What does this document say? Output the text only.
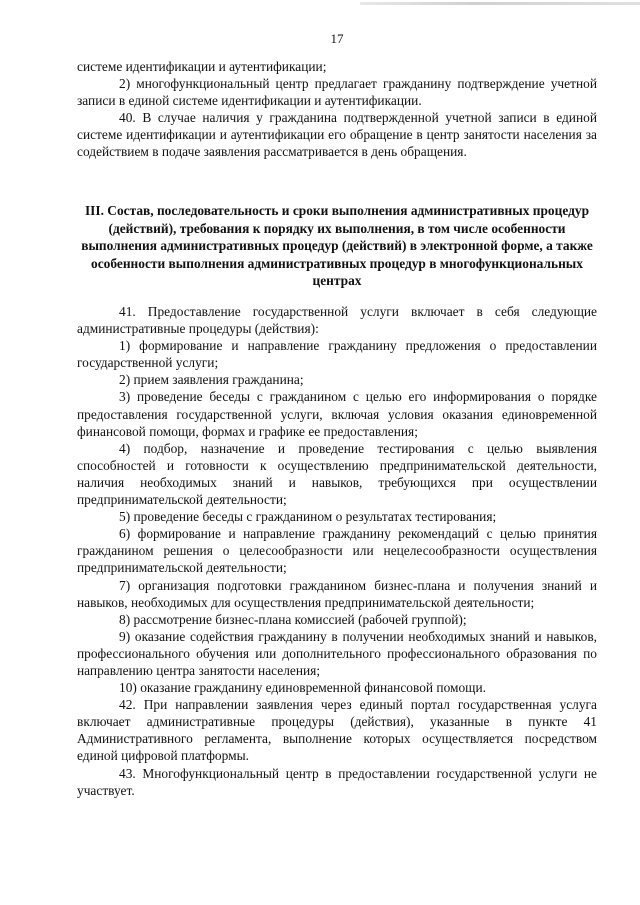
17

системе идентификации и аутентификации;

2) многофункциональный центр предлагает гражданину подтверждение учетной записи в единой системе идентификации и аутентификации.

40. В случае наличия у гражданина подтвержденной учетной записи в единой системе идентификации и аутентификации его обращение в центр занятости населения за содействием в подаче заявления рассматривается в день обращения.

III. Состав, последовательность и сроки выполнения административных процедур (действий), требования к порядку их выполнения, в том числе особенности выполнения административных процедур (действий) в электронной форме, а также особенности выполнения административных процедур в многофункциональных центрах

41. Предоставление государственной услуги включает в себя следующие административные процедуры (действия):

1) формирование и направление гражданину предложения о предоставлении государственной услуги;

2) прием заявления гражданина;

3) проведение беседы с гражданином с целью его информирования о порядке предоставления государственной услуги, включая условия оказания единовременной финансовой помощи, формах и графике ее предоставления;

4) подбор, назначение и проведение тестирования с целью выявления способностей и готовности к осуществлению предпринимательской деятельности, наличия необходимых знаний и навыков, требующихся при осуществлении предпринимательской деятельности;

5) проведение беседы с гражданином о результатах тестирования;

6) формирование и направление гражданину рекомендаций с целью принятия гражданином решения о целесообразности или нецелесообразности осуществления предпринимательской деятельности;

7) организация подготовки гражданином бизнес-плана и получения знаний и навыков, необходимых для осуществления предпринимательской деятельности;

8) рассмотрение бизнес-плана комиссией (рабочей группой);

9) оказание содействия гражданину в получении необходимых знаний и навыков, профессионального обучения или дополнительного профессионального образования по направлению центра занятости населения;

10) оказание гражданину единовременной финансовой помощи.

42. При направлении заявления через единый портал государственная услуга включает административные процедуры (действия), указанные в пункте 41 Административного регламента, выполнение которых осуществляется посредством единой цифровой платформы.

43. Многофункциональный центр в предоставлении государственной услуги не участвует.
